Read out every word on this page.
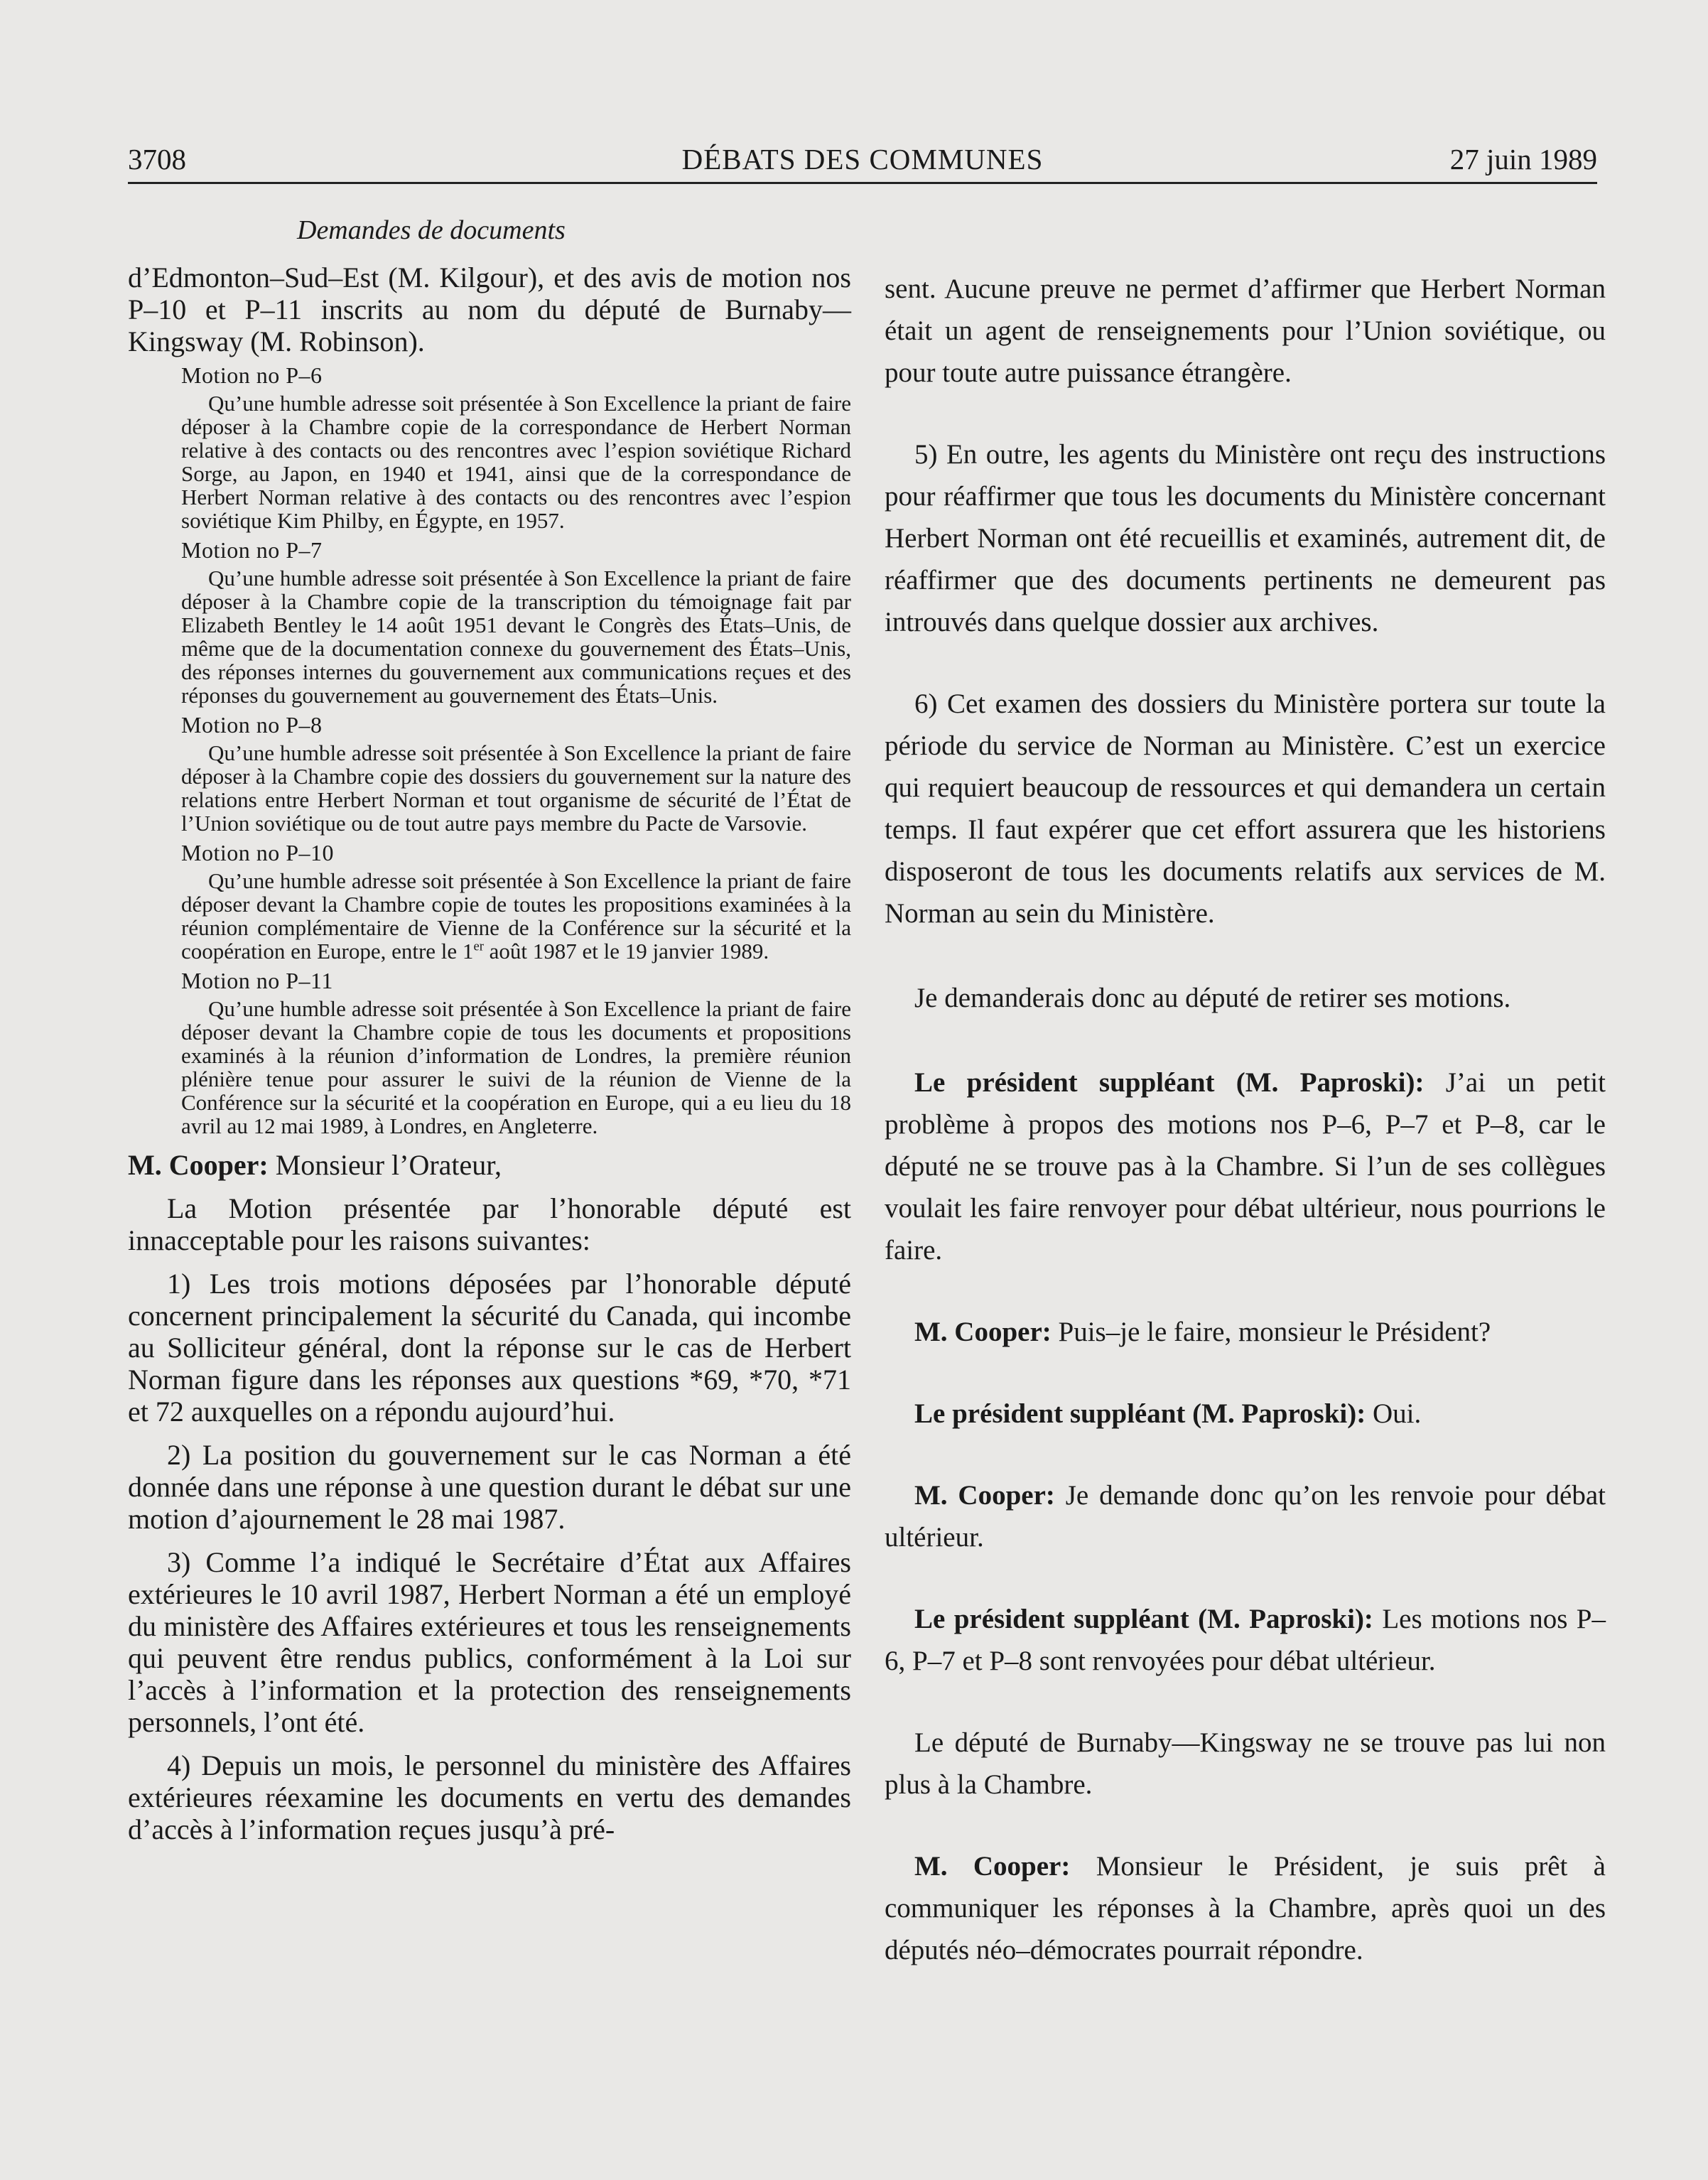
3708	DÉBATS DES COMMUNES	27 juin 1989

Demandes de documents

d’Edmonton–Sud–Est (M. Kilgour), et des avis de motion nos P–10 et P–11 inscrits au nom du député de Burnaby—Kingsway (M. Robinson).

Motion no P–6

Qu’une humble adresse soit présentée à Son Excellence la priant de faire déposer à la Chambre copie de la correspondance de Herbert Norman relative à des contacts ou des rencontres avec l’espion soviétique Richard Sorge, au Japon, en 1940 et 1941, ainsi que de la correspondance de Herbert Norman relative à des contacts ou des rencontres avec l’espion soviétique Kim Philby, en Égypte, en 1957.

Motion no P–7

Qu’une humble adresse soit présentée à Son Excellence la priant de faire déposer à la Chambre copie de la transcription du témoignage fait par Elizabeth Bentley le 14 août 1951 devant le Congrès des États–Unis, de même que de la documentation connexe du gouvernement des États–Unis, des réponses internes du gouvernement aux communications reçues et des réponses du gouvernement au gouvernement des États–Unis.

Motion no P–8

Qu’une humble adresse soit présentée à Son Excellence la priant de faire déposer à la Chambre copie des dossiers du gouvernement sur la nature des relations entre Herbert Norman et tout organisme de sécurité de l’État de l’Union soviétique ou de tout autre pays membre du Pacte de Varsovie.

Motion no P–10

Qu’une humble adresse soit présentée à Son Excellence la priant de faire déposer devant la Chambre copie de toutes les propositions examinées à la réunion complémentaire de Vienne de la Conférence sur la sécurité et la coopération en Europe, entre le 1er août 1987 et le 19 janvier 1989.

Motion no P–11

Qu’une humble adresse soit présentée à Son Excellence la priant de faire déposer devant la Chambre copie de tous les documents et propositions examinés à la réunion d’information de Londres, la première réunion plénière tenue pour assurer le suivi de la réunion de Vienne de la Conférence sur la sécurité et la coopération en Europe, qui a eu lieu du 18 avril au 12 mai 1989, à Londres, en Angleterre.

M. Cooper: Monsieur l’Orateur,

La Motion présentée par l’honorable député est innacceptable pour les raisons suivantes:

1) Les trois motions déposées par l’honorable député concernent principalement la sécurité du Canada, qui incombe au Solliciteur général, dont la réponse sur le cas de Herbert Norman figure dans les réponses aux questions *69, *70, *71 et 72 auxquelles on a répondu aujourd’hui.

2) La position du gouvernement sur le cas Norman a été donnée dans une réponse à une question durant le débat sur une motion d’ajournement le 28 mai 1987.

3) Comme l’a indiqué le Secrétaire d’État aux Affaires extérieures le 10 avril 1987, Herbert Norman a été un employé du ministère des Affaires extérieures et tous les renseignements qui peuvent être rendus publics, conformément à la Loi sur l’accès à l’information et la protection des renseignements personnels, l’ont été.

4) Depuis un mois, le personnel du ministère des Affaires extérieures réexamine les documents en vertu des demandes d’accès à l’information reçues jusqu’à pré-

sent. Aucune preuve ne permet d’affirmer que Herbert Norman était un agent de renseignements pour l’Union soviétique, ou pour toute autre puissance étrangère.

5) En outre, les agents du Ministère ont reçu des instructions pour réaffirmer que tous les documents du Ministère concernant Herbert Norman ont été recueillis et examinés, autrement dit, de réaffirmer que des documents pertinents ne demeurent pas introuvés dans quelque dossier aux archives.

6) Cet examen des dossiers du Ministère portera sur toute la période du service de Norman au Ministère. C’est un exercice qui requiert beaucoup de ressources et qui demandera un certain temps. Il faut expérer que cet effort assurera que les historiens disposeront de tous les documents relatifs aux services de M. Norman au sein du Ministère.

Je demanderais donc au député de retirer ses motions.

Le président suppléant (M. Paproski): J’ai un petit problème à propos des motions nos P–6, P–7 et P–8, car le député ne se trouve pas à la Chambre. Si l’un de ses collègues voulait les faire renvoyer pour débat ultérieur, nous pourrions le faire.

M. Cooper: Puis–je le faire, monsieur le Président?

Le président suppléant (M. Paproski): Oui.

M. Cooper: Je demande donc qu’on les renvoie pour débat ultérieur.

Le président suppléant (M. Paproski): Les motions nos P–6, P–7 et P–8 sont renvoyées pour débat ultérieur.

Le député de Burnaby—Kingsway ne se trouve pas lui non plus à la Chambre.

M. Cooper: Monsieur le Président, je suis prêt à communiquer les réponses à la Chambre, après quoi un des députés néo–démocrates pourrait répondre.
